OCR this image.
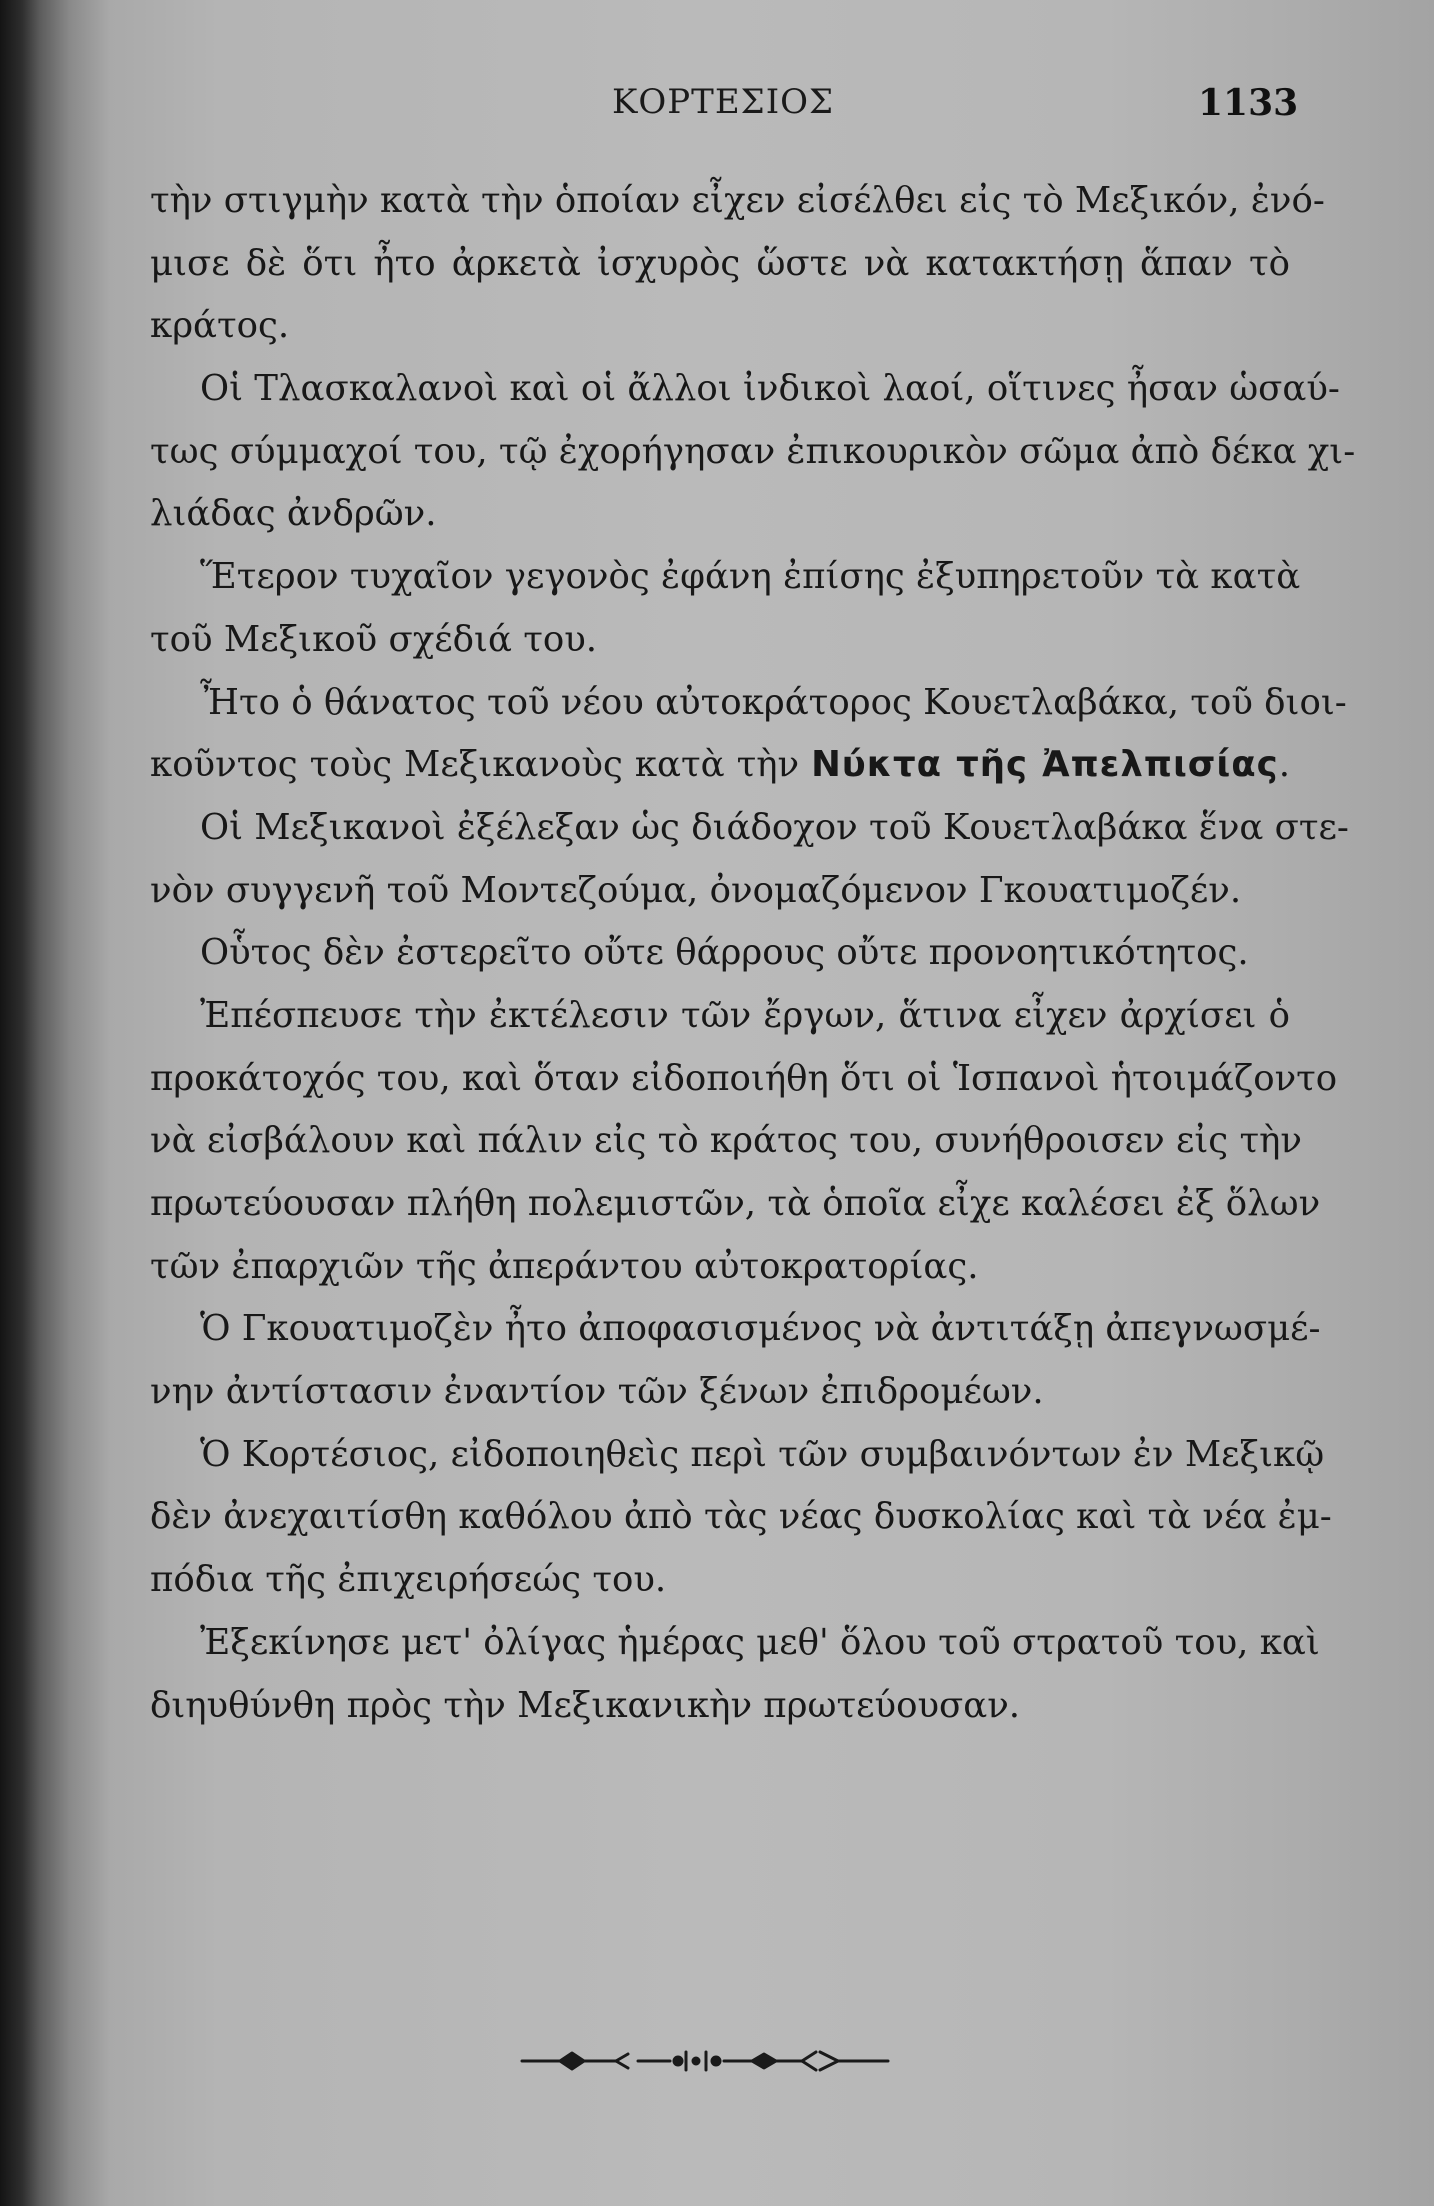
ΚΟΡΤΕΣΙΟΣ	1133
τὴν στιγμὴν κατὰ τὴν ὁποίαν εἶχεν εἰσέλθει εἰς τὸ Μεξικόν, ἐνό-
μισε δὲ ὅτι ἦτο ἀρκετὰ ἰσχυρὸς ὥστε νὰ κατακτήσῃ ἅπαν τὸ
κράτος.
Οἱ Τλασκαλανοὶ καὶ οἱ ἄλλοι ἰνδικοὶ λαοί, οἵτινες ἦσαν ὡσαύ-
τως σύμμαχοί του, τῷ ἐχορήγησαν ἐπικουρικὸν σῶμα ἀπὸ δέκα χι-
λιάδας ἀνδρῶν.
Ἕτερον τυχαῖον γεγονὸς ἐφάνη ἐπίσης ἐξυπηρετοῦν τὰ κατὰ
τοῦ Μεξικοῦ σχέδιά του.
Ἦτο ὁ θάνατος τοῦ νέου αὐτοκράτορος Κουετλαβάκα, τοῦ διοι-
κοῦντος τοὺς Μεξικανοὺς κατὰ τὴν Νύκτα τῆς Ἀπελπισίας.
Οἱ Μεξικανοὶ ἐξέλεξαν ὡς διάδοχον τοῦ Κουετλαβάκα ἕνα στε-
νὸν συγγενῆ τοῦ Μοντεζούμα, ὀνομαζόμενον Γκουατιμοζέν.
Οὗτος δὲν ἐστερεῖτο οὔτε θάρρους οὔτε προνοητικότητος.
Ἐπέσπευσε τὴν ἐκτέλεσιν τῶν ἔργων, ἅτινα εἶχεν ἀρχίσει ὁ
προκάτοχός του, καὶ ὅταν εἰδοποιήθη ὅτι οἱ Ἱσπανοὶ ἡτοιμάζοντο
νὰ εἰσβάλουν καὶ πάλιν εἰς τὸ κράτος του, συνήθροισεν εἰς τὴν
πρωτεύουσαν πλήθη πολεμιστῶν, τὰ ὁποῖα εἶχε καλέσει ἐξ ὅλων
τῶν ἐπαρχιῶν τῆς ἀπεράντου αὐτοκρατορίας.
Ὁ Γκουατιμοζὲν ἦτο ἀποφασισμένος νὰ ἀντιτάξῃ ἀπεγνωσμέ-
νην ἀντίστασιν ἐναντίον τῶν ξένων ἐπιδρομέων.
Ὁ Κορτέσιος, εἰδοποιηθεὶς περὶ τῶν συμβαινόντων ἐν Μεξικῷ
δὲν ἀνεχαιτίσθη καθόλου ἀπὸ τὰς νέας δυσκολίας καὶ τὰ νέα ἐμ-
πόδια τῆς ἐπιχειρήσεώς του.
Ἐξεκίνησε μετ' ὀλίγας ἡμέρας μεθ' ὅλου τοῦ στρατοῦ του, καὶ
διηυθύνθη πρὸς τὴν Μεξικανικὴν πρωτεύουσαν.
